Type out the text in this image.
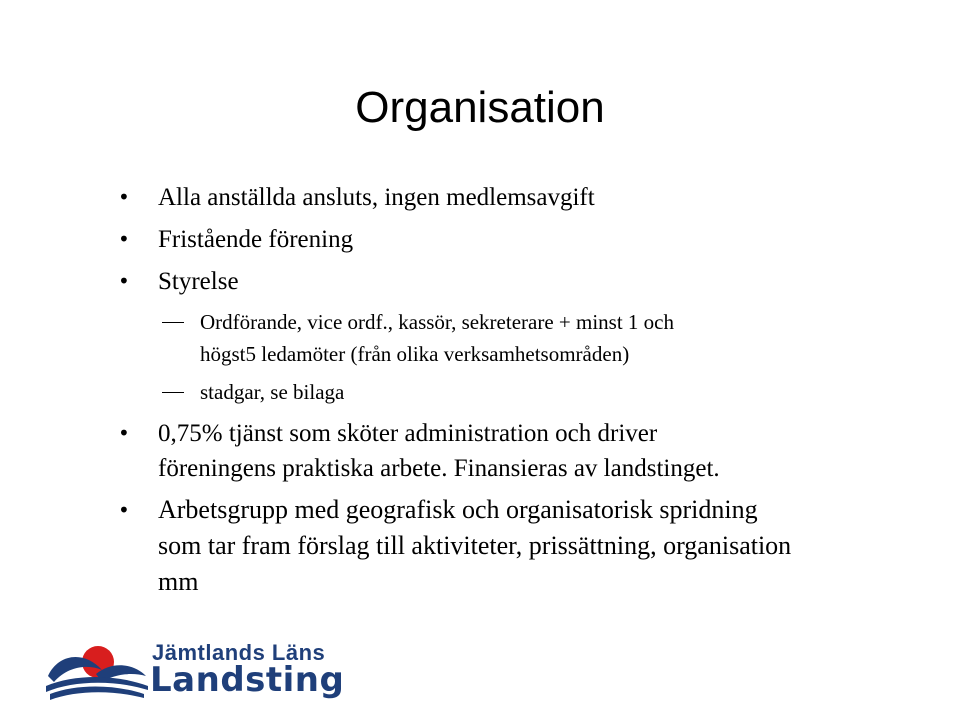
Organisation
• Alla anställda ansluts, ingen medlemsavgift
• Fristående förening
• Styrelse
Ordförande, vice ordf., kassör, sekreterare + minst 1 och
högst5 ledamöter (från olika verksamhetsområden)
stadgar, se bilaga
• 0,75% tjänst som sköter administration och driver
föreningens praktiska arbete. Finansieras av landstinget.
• Arbetsgrupp med geografisk och organisatorisk spridning
som tar fram förslag till aktiviteter, prissättning, organisation
mm
Jämtlands Läns
Landsting
